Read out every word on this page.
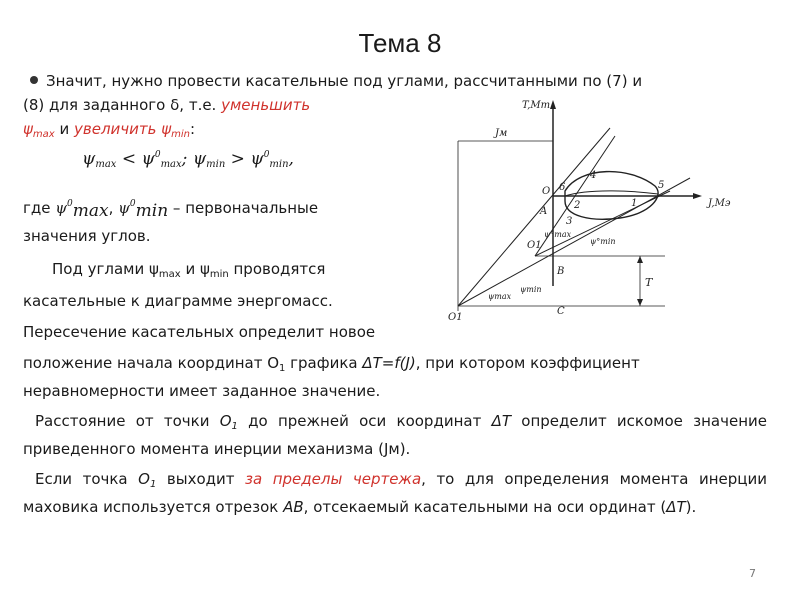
Тема 8
Значит, нужно провести касательные под углами, рассчитанными по (7) и
(8) для заданного δ, т.е. уменьшить
$\psi_{max}$ и увеличить $\psi_{min}$:
$\psi_{max} < \psi^0_{max}$; $\psi_{min} > \psi^0_{min}$,
где $\psi^0\max$, $\psi^0\min$ – первоначальные
значения углов.
Под углами $\psi_{max}$ и $\psi_{min}$ проводятся
касательные к диаграмме энергомасс.
Пересечение касательных определит новое
положение начала координат $О_1$ графика ΔТ=f(J), при котором коэффициент
неравномерности имеет заданное значение.
Расстояние от точки $O_1$ до прежней оси координат ΔТ определит искомое значение приведенного момента инерции механизма (Jм).
Если точка $O_1$ выходит за пределы чертежа, то для определения момента инерции маховика используется отрезок АВ, отсекаемый касательными на оси ординат (ΔТ).
T,Mт
J,Mэ
Jм
T
O
A
B
C
O1
O1
1
2
3
4
5
6
ψmax
ψmin
ψ°max
ψ°min
7
